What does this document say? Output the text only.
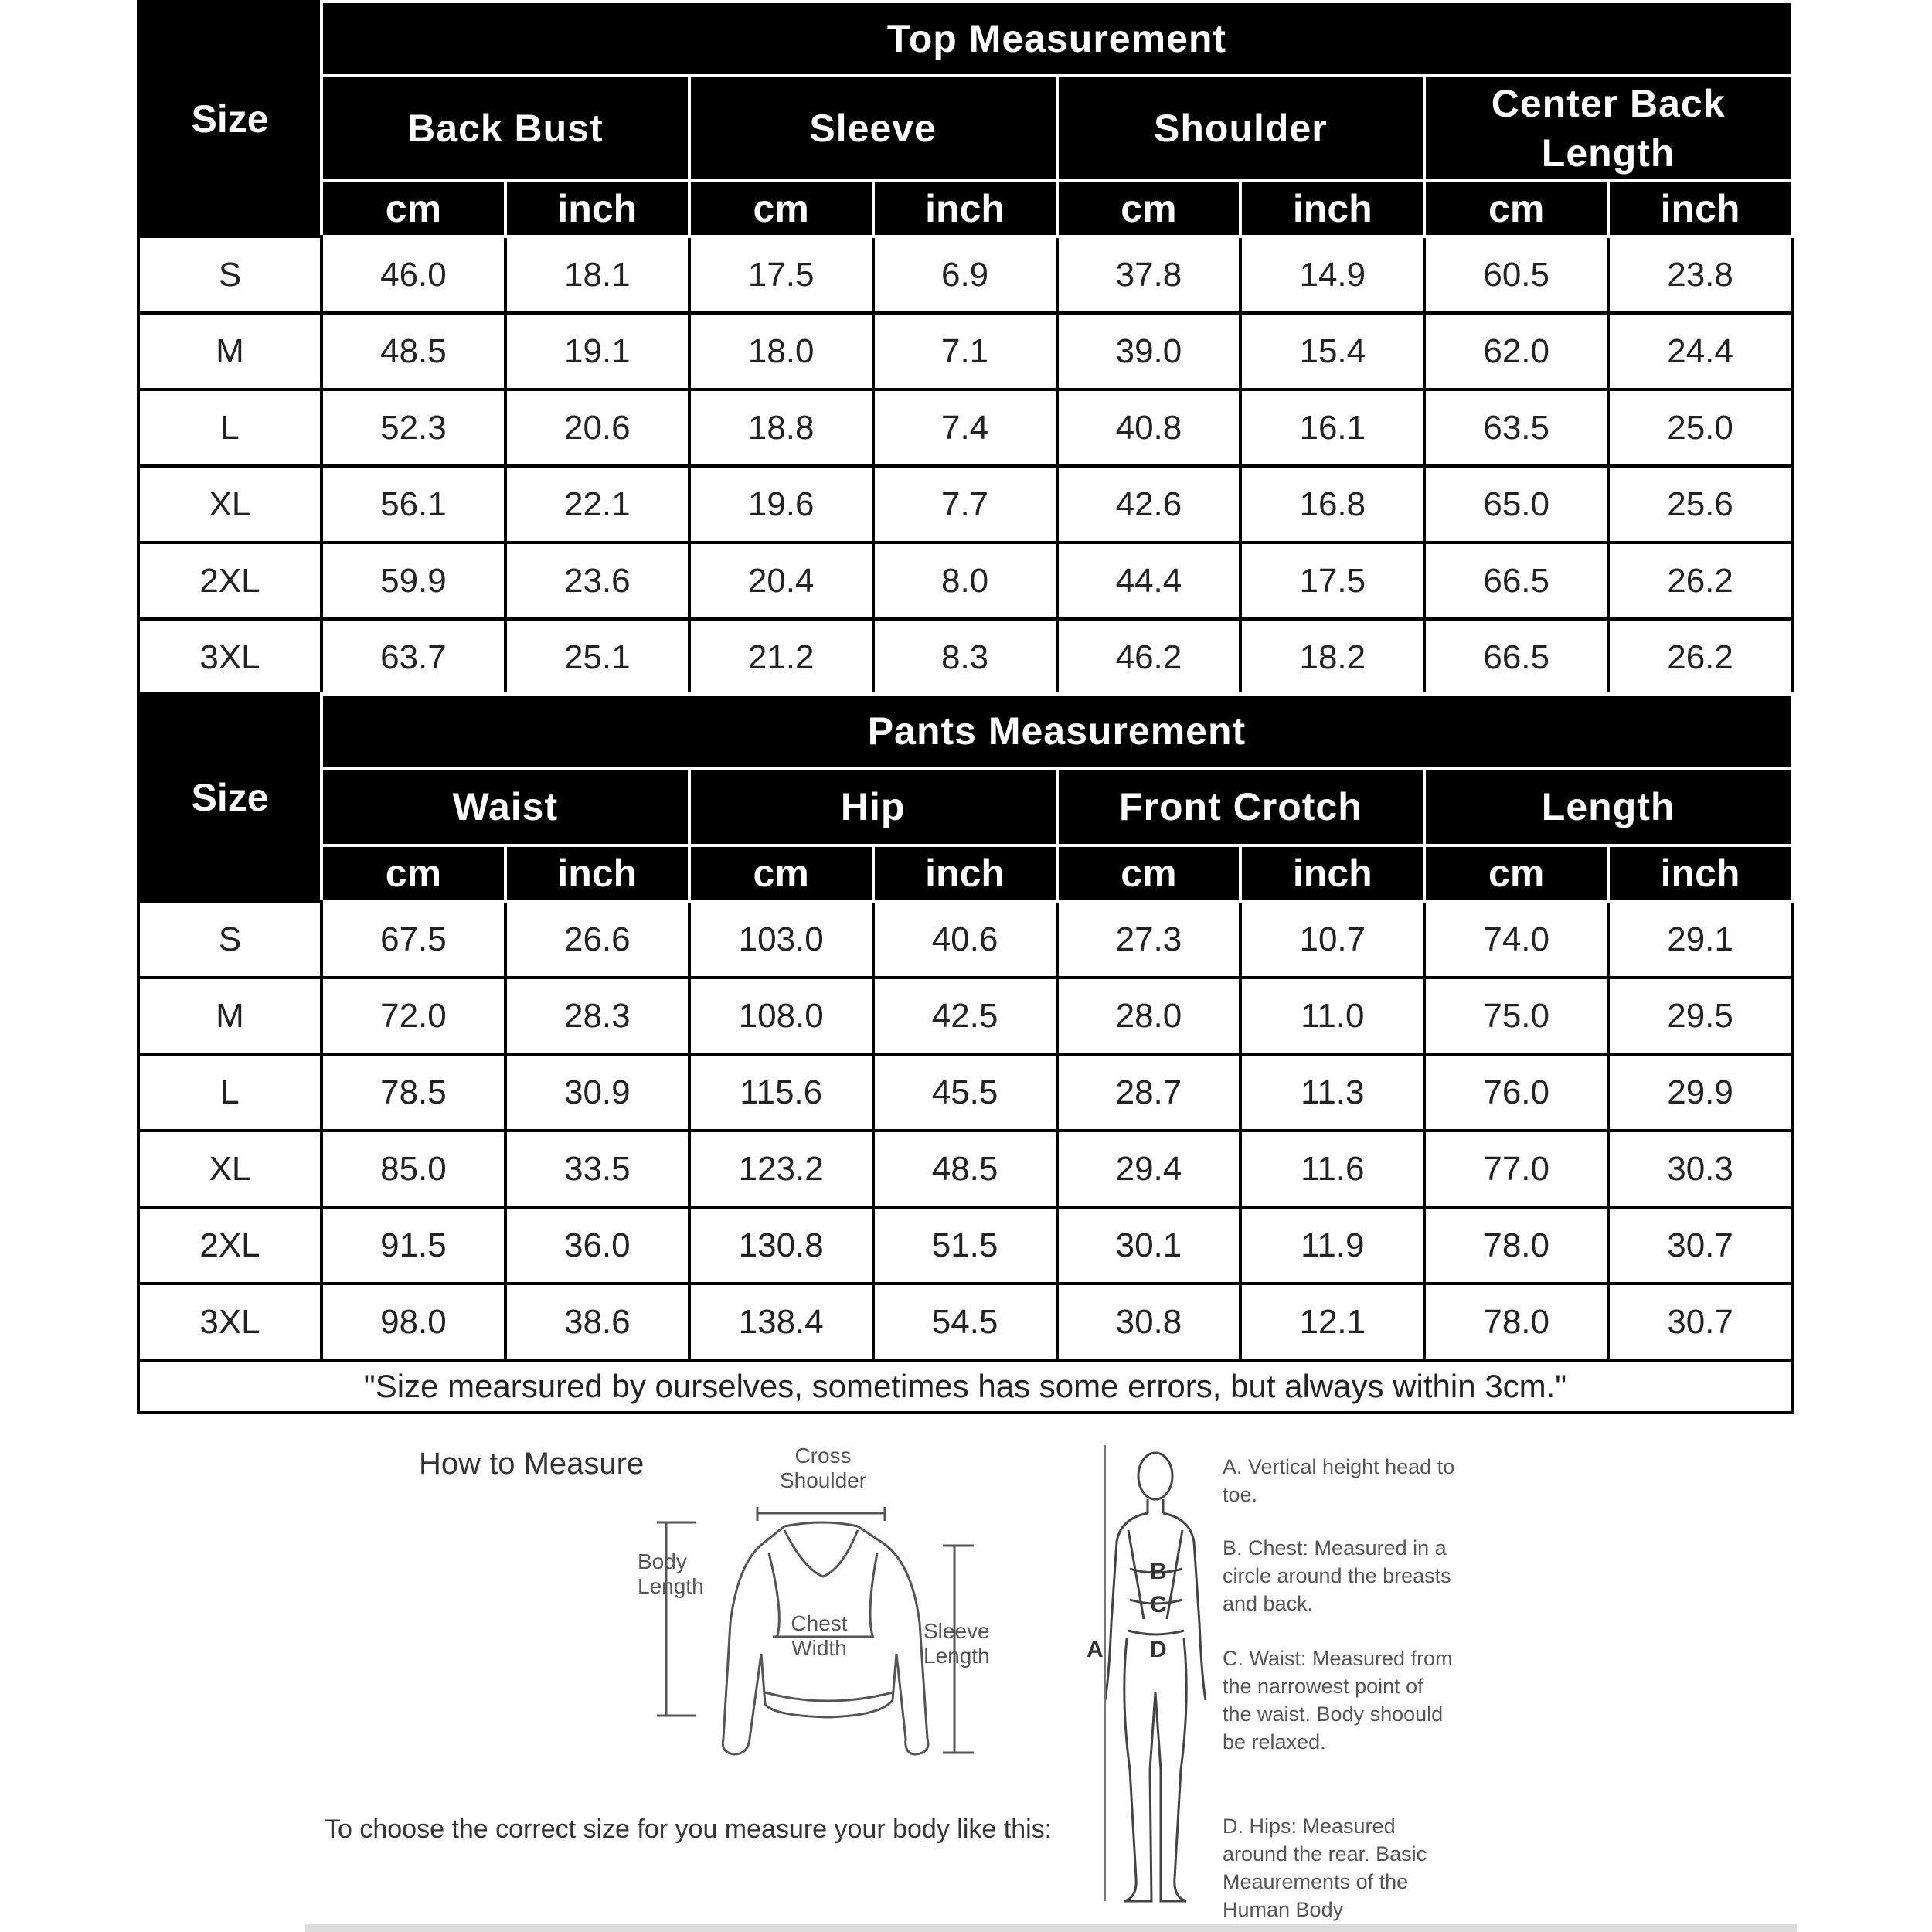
Size	Top Measurement							
	Back Bust		Sleeve		Shoulder		Center Back Length	
	cm	inch	cm	inch	cm	inch	cm	inch
S	46.0	18.1	17.5	6.9	37.8	14.9	60.5	23.8
M	48.5	19.1	18.0	7.1	39.0	15.4	62.0	24.4
L	52.3	20.6	18.8	7.4	40.8	16.1	63.5	25.0
XL	56.1	22.1	19.6	7.7	42.6	16.8	65.0	25.6
2XL	59.9	23.6	20.4	8.0	44.4	17.5	66.5	26.2
3XL	63.7	25.1	21.2	8.3	46.2	18.2	66.5	26.2
Size	Pants Measurement							
	Waist		Hip		Front Crotch		Length	
	cm	inch	cm	inch	cm	inch	cm	inch
S	67.5	26.6	103.0	40.6	27.3	10.7	74.0	29.1
M	72.0	28.3	108.0	42.5	28.0	11.0	75.0	29.5
L	78.5	30.9	115.6	45.5	28.7	11.3	76.0	29.9
XL	85.0	33.5	123.2	48.5	29.4	11.6	77.0	30.3
2XL	91.5	36.0	130.8	51.5	30.1	11.9	78.0	30.7
3XL	98.0	38.6	138.4	54.5	30.8	12.1	78.0	30.7
"Size mearsured by ourselves, sometimes has some errors, but always within 3cm."								
How to Measure
To choose the correct size for you measure your body like this:
Cross Shoulder
Body Length
Chest Width
Sleeve Length	A
B
C
D
A. Vertical height head to toe.
B. Chest: Measured in a circle around the breasts and back.
C. Waist: Measured from the narrowest point of the waist. Body shoould be relaxed.
D. Hips: Measured around the rear. Basic Meaurements of the Human Body
